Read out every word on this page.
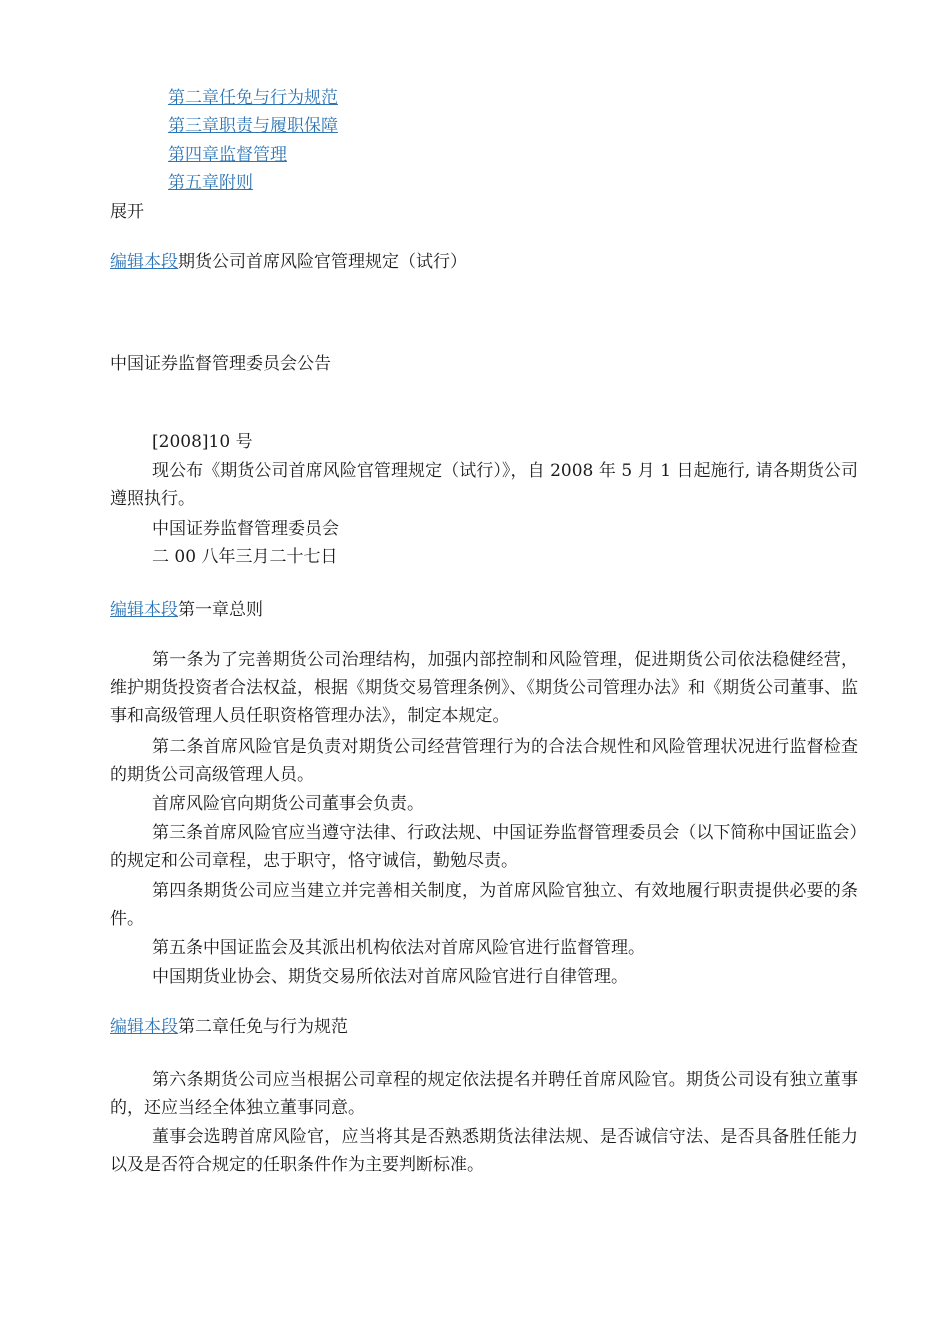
第二章任免与行为规范
第三章职责与履职保障
第四章监督管理
第五章附则
展开
编辑本段期货公司首席风险官管理规定（试行）
中国证券监督管理委员会公告
[2008]10 号
现公布《期货公司首席风险官管理规定（试行）》，自 2008 年 5 月 1 日起施行, 请各期货公司遵照执行。
中国证券监督管理委员会
二 00 八年三月二十七日
编辑本段第一章总则
第一条为了完善期货公司治理结构，加强内部控制和风险管理，促进期货公司依法稳健经营，维护期货投资者合法权益，根据《期货交易管理条例》、《期货公司管理办法》和《期货公司董事、监事和高级管理人员任职资格管理办法》，制定本规定。
第二条首席风险官是负责对期货公司经营管理行为的合法合规性和风险管理状况进行监督检查的期货公司高级管理人员。
首席风险官向期货公司董事会负责。
第三条首席风险官应当遵守法律、行政法规、中国证券监督管理委员会（以下简称中国证监会）的规定和公司章程，忠于职守，恪守诚信，勤勉尽责。
第四条期货公司应当建立并完善相关制度，为首席风险官独立、有效地履行职责提供必要的条件。
第五条中国证监会及其派出机构依法对首席风险官进行监督管理。
中国期货业协会、期货交易所依法对首席风险官进行自律管理。
编辑本段第二章任免与行为规范
第六条期货公司应当根据公司章程的规定依法提名并聘任首席风险官。期货公司设有独立董事的，还应当经全体独立董事同意。
董事会选聘首席风险官，应当将其是否熟悉期货法律法规、是否诚信守法、是否具备胜任能力以及是否符合规定的任职条件作为主要判断标准。
